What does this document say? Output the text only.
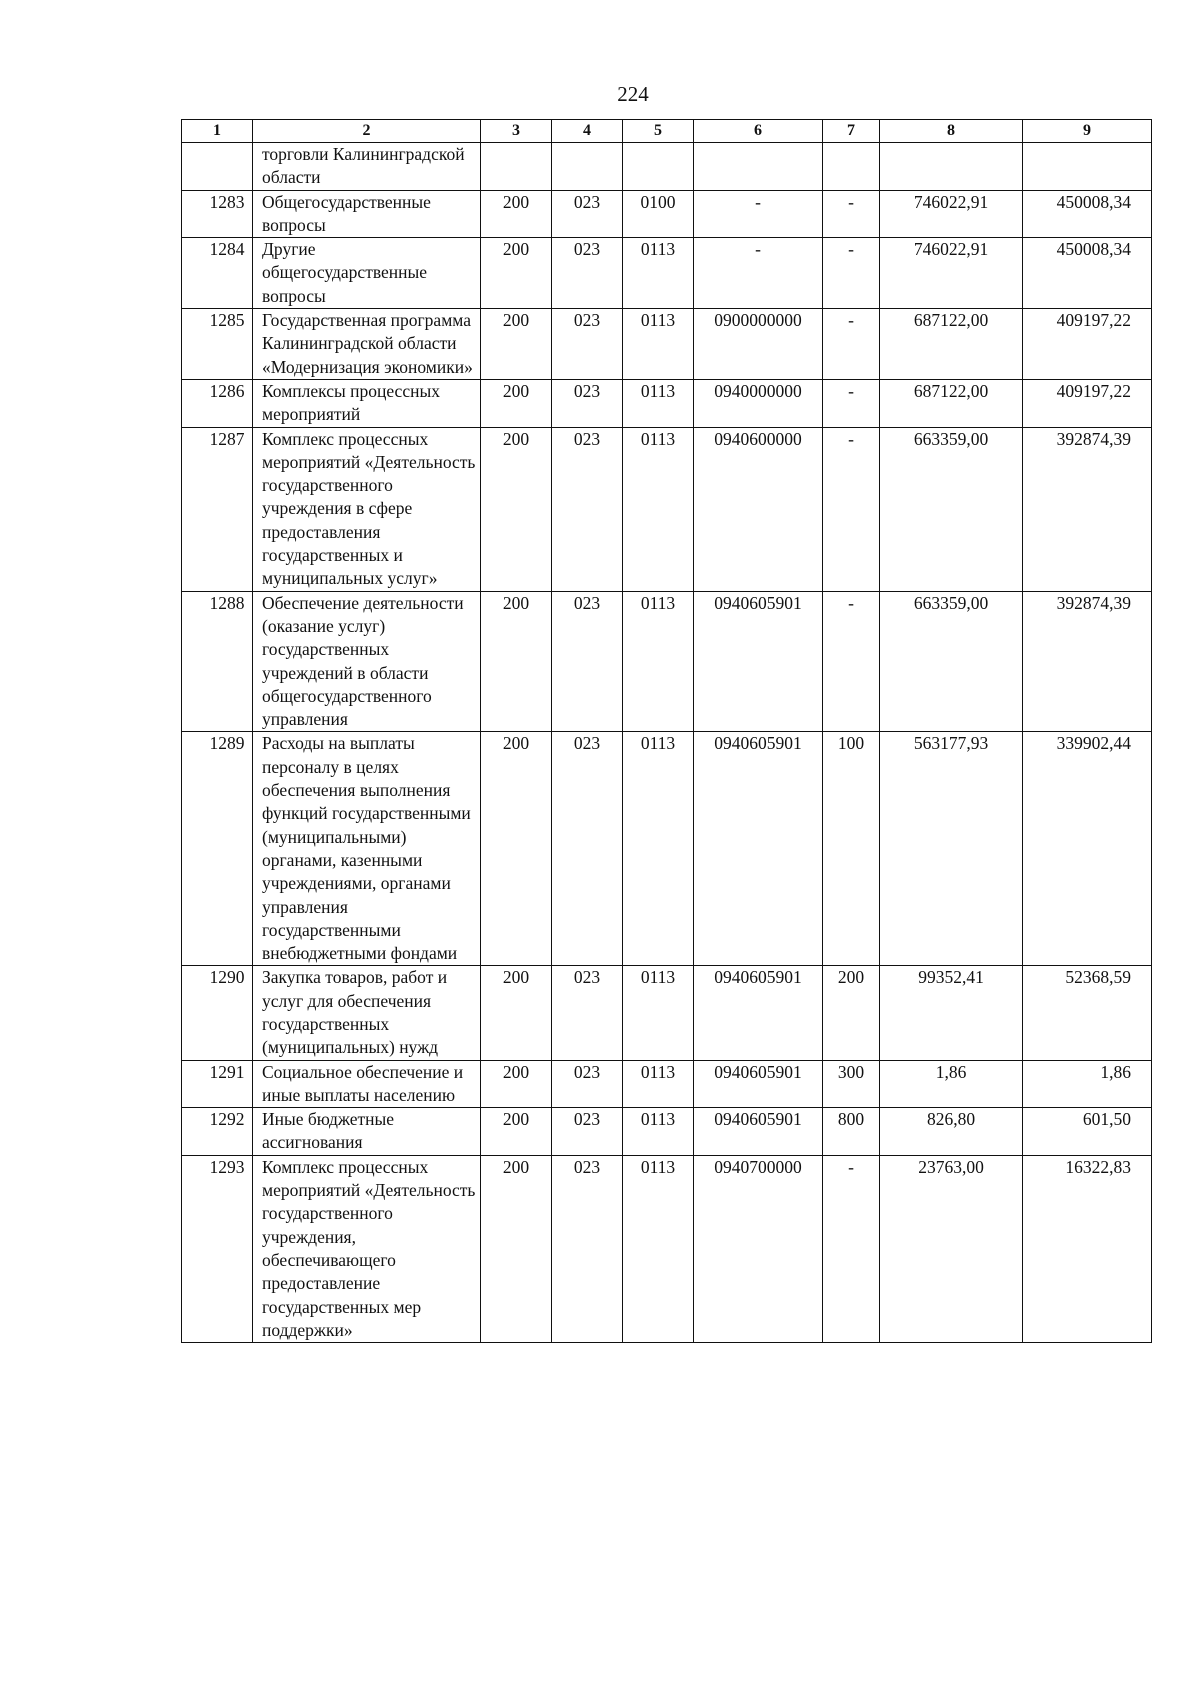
224
1	2	3	4	5	6	7	8	9
	торговли Калининградской области							
1283	Общегосударственные вопросы	200	023	0100	-	-	746022,91	450008,34
1284	Другие общегосударственные вопросы	200	023	0113	-	-	746022,91	450008,34
1285	Государственная программа Калининградской области «Модернизация экономики»	200	023	0113	0900000000	-	687122,00	409197,22
1286	Комплексы процессных мероприятий	200	023	0113	0940000000	-	687122,00	409197,22
1287	Комплекс процессных мероприятий «Деятельность государственного учреждения в сфере предоставления государственных и муниципальных услуг»	200	023	0113	0940600000	-	663359,00	392874,39
1288	Обеспечение деятельности (оказание услуг) государственных учреждений в области общегосударственного управления	200	023	0113	0940605901	-	663359,00	392874,39
1289	Расходы на выплаты персоналу в целях обеспечения выполнения функций государственными (муниципальными) органами, казенными учреждениями, органами управления государственными внебюджетными фондами	200	023	0113	0940605901	100	563177,93	339902,44
1290	Закупка товаров, работ и услуг для обеспечения государственных (муниципальных) нужд	200	023	0113	0940605901	200	99352,41	52368,59
1291	Социальное обеспечение и иные выплаты населению	200	023	0113	0940605901	300	1,86	1,86
1292	Иные бюджетные ассигнования	200	023	0113	0940605901	800	826,80	601,50
1293	Комплекс процессных мероприятий «Деятельность государственного учреждения, обеспечивающего предоставление государственных мер поддержки»	200	023	0113	0940700000	-	23763,00	16322,83
